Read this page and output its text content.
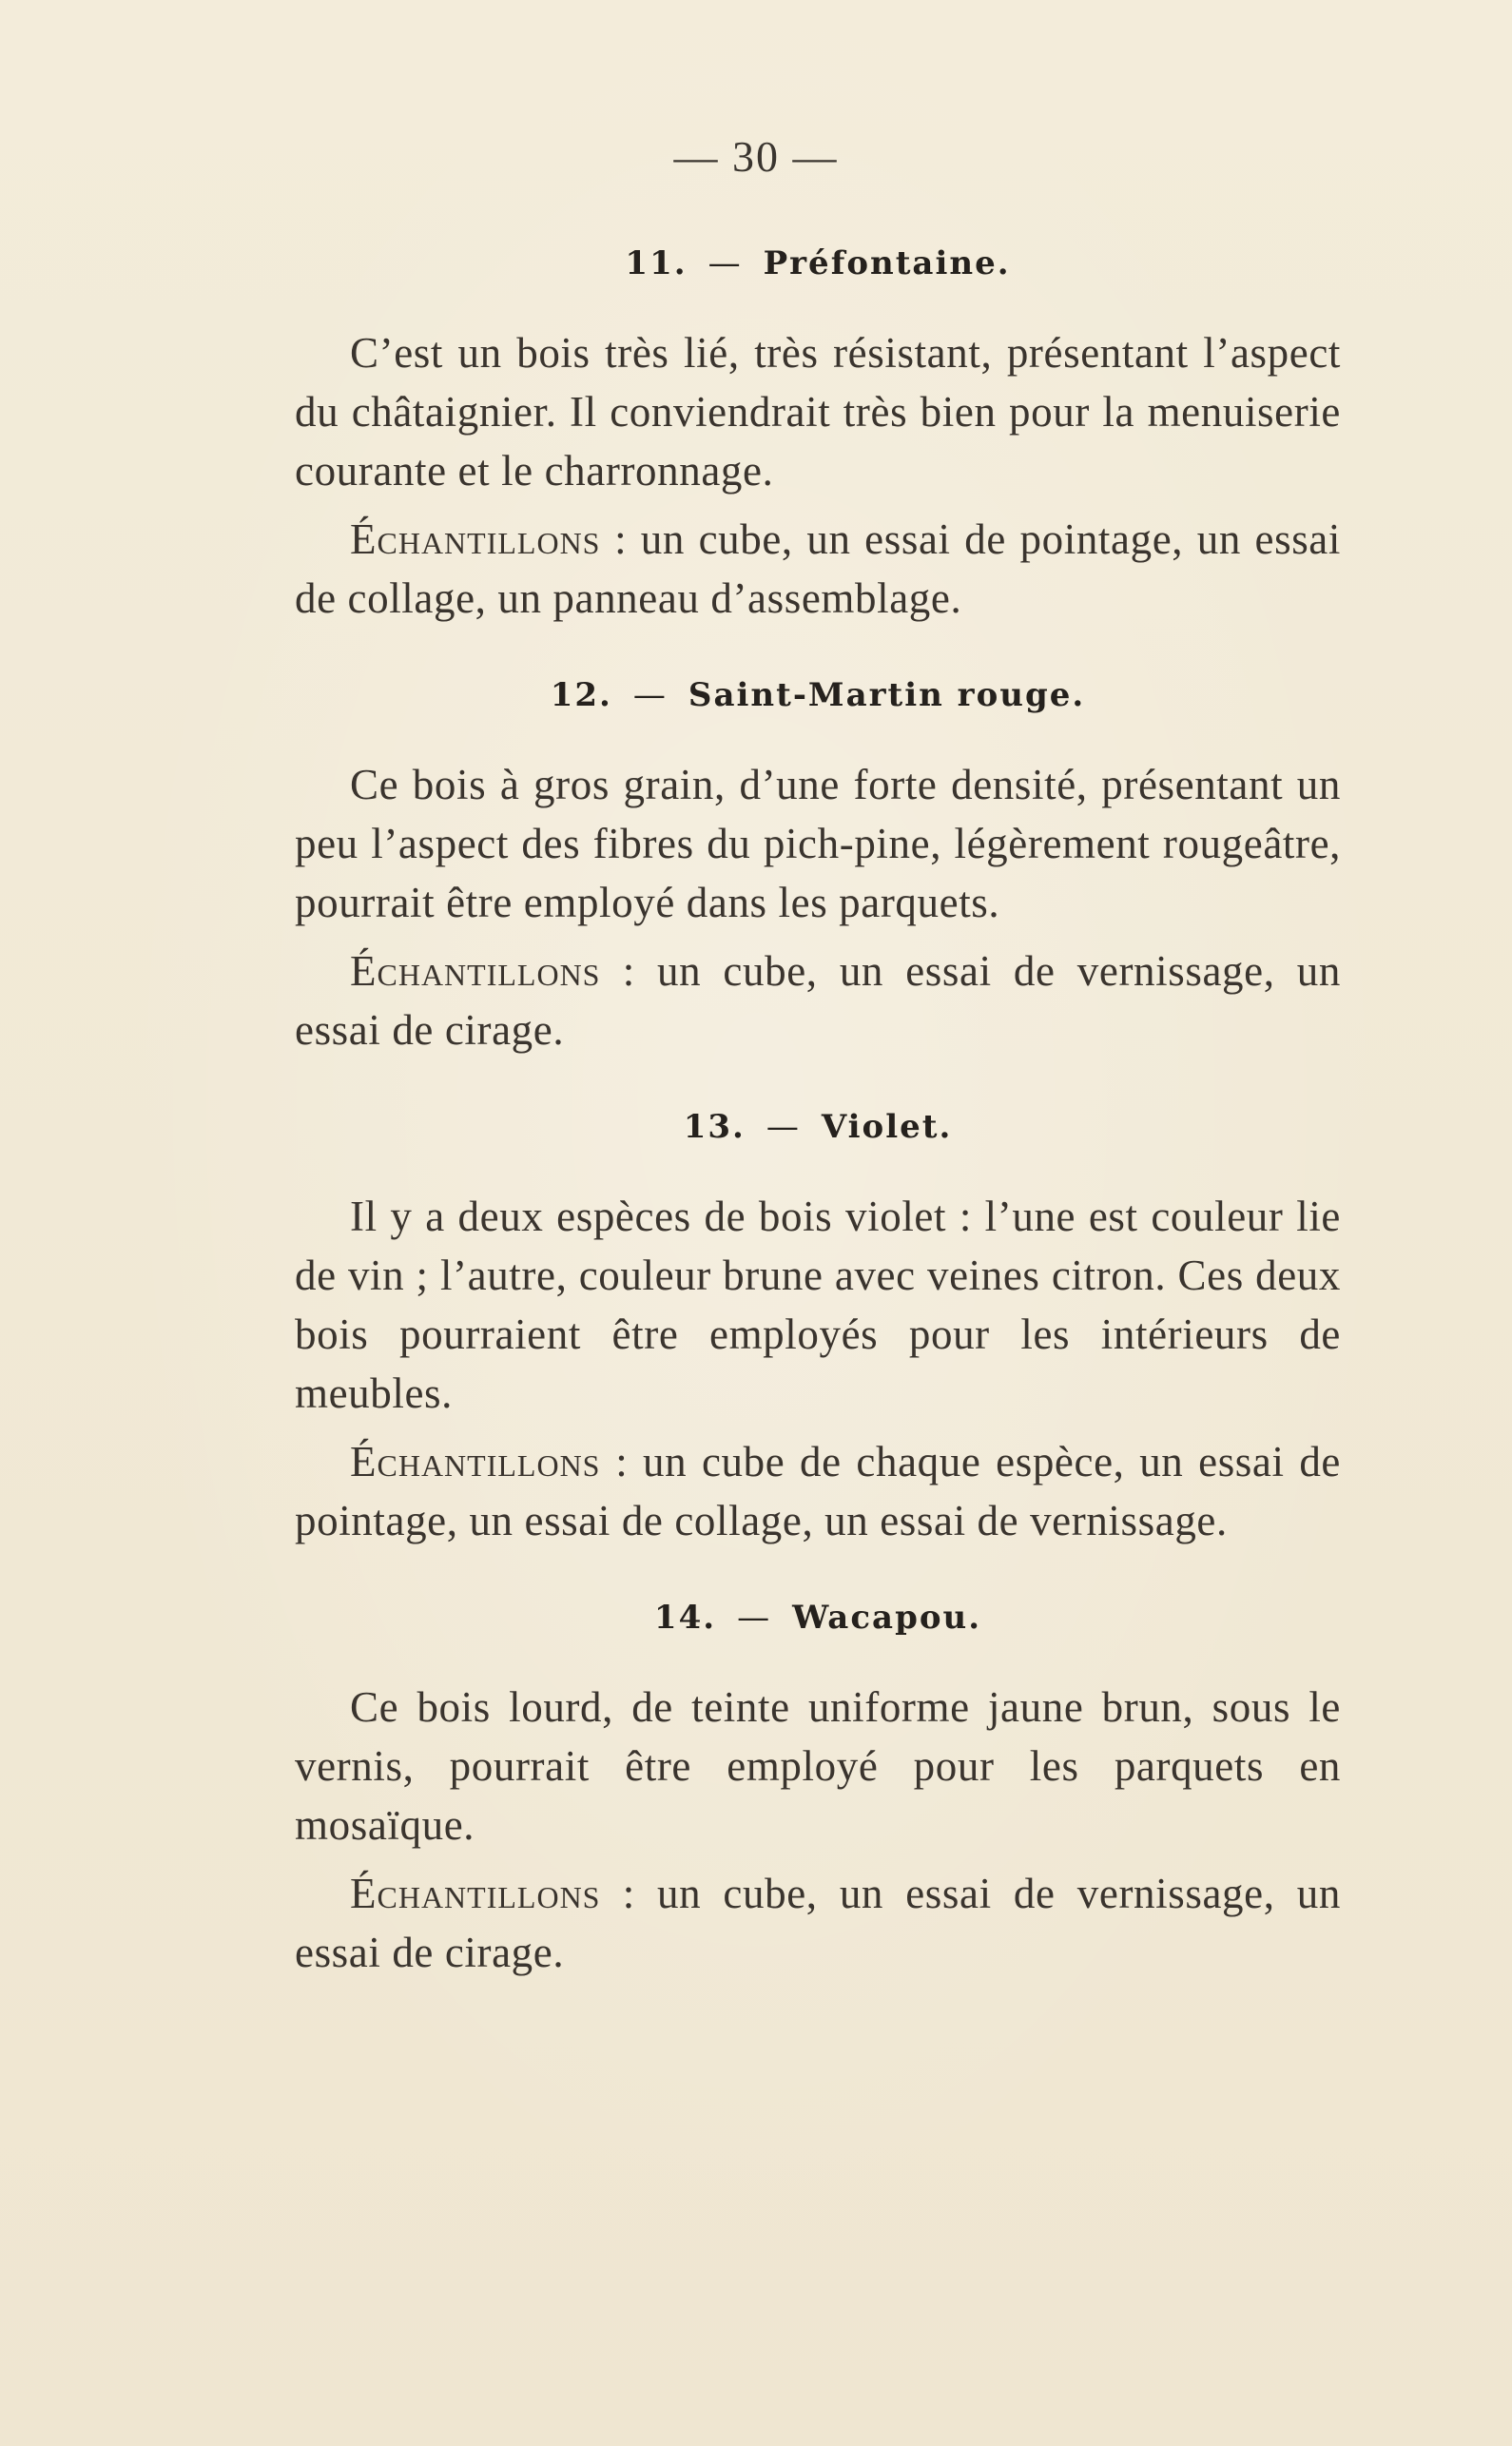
— 30 —
11. — Préfontaine.

C’est un bois très lié, très résistant, présentant l’aspect du châtaignier. Il conviendrait très bien pour la menuiserie courante et le charronnage.

Échantillons : un cube, un essai de pointage, un essai de collage, un panneau d’assemblage.

12. — Saint-Martin rouge.

Ce bois à gros grain, d’une forte densité, présentant un peu l’aspect des fibres du pich-pine, légèrement rougeâtre, pourrait être employé dans les parquets.

Échantillons : un cube, un essai de vernissage, un essai de cirage.

13. — Violet.

Il y a deux espèces de bois violet : l’une est couleur lie de vin ; l’autre, couleur brune avec veines citron. Ces deux bois pourraient être employés pour les intérieurs de meubles.

Échantillons : un cube de chaque espèce, un essai de pointage, un essai de collage, un essai de vernissage.

14. — Wacapou.

Ce bois lourd, de teinte uniforme jaune brun, sous le vernis, pourrait être employé pour les parquets en mosaïque.

Échantillons : un cube, un essai de vernissage, un essai de cirage.
